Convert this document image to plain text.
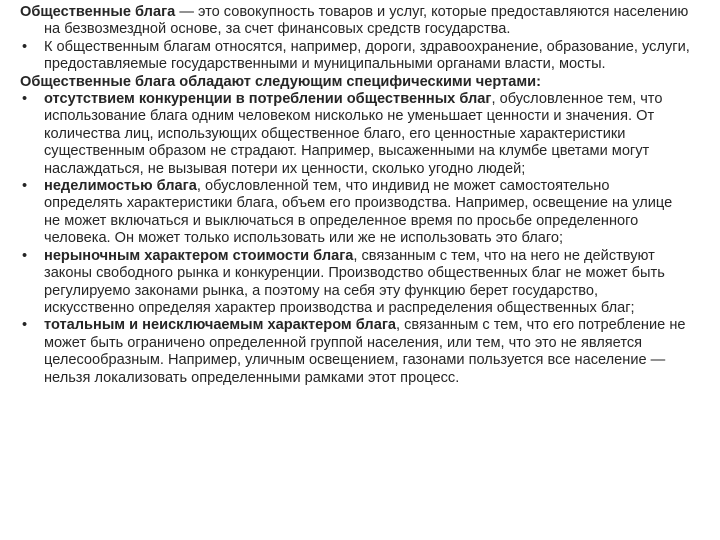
Общественные блага — это совокупность товаров и услуг, которые предоставляются населению на безвозмездной основе, за счет финансовых средств государства.

• К общественным благам относятся, например, дороги, здравоохранение, образование, услуги, предоставляемые государственными и муниципальными органами власти, мосты.

Общественные блага обладают следующим специфическими чертами:

• отсутствием конкуренции в потреблении общественных благ, обусловленное тем, что использование блага одним человеком нисколько не уменьшает ценности и значения. От количества лиц, использующих общественное благо, его ценностные характеристики существенным образом не страдают. Например, высаженными на клумбе цветами могут наслаждаться, не вызывая потери их ценности, сколько угодно людей;
• неделимостью блага, обусловленной тем, что индивид не может самостоятельно определять характеристики блага, объем его производства. Например, освещение на улице не может включаться и выключаться в определенное время по просьбе определенного человека. Он может только использовать или же не использовать это благо;
• нерыночным характером стоимости блага, связанным с тем, что на него не действуют законы свободного рынка и конкуренции. Производство общественных благ не может быть регулируемо законами рынка, а поэтому на себя эту функцию берет государство, искусственно определяя характер производства и распределения общественных благ;
• тотальным и неисключаемым характером блага, связанным с тем, что его потребление не может быть ограничено определенной группой населения, или тем, что это не является целесообразным. Например, уличным освещением, газонами пользуется все население — нельзя локализовать определенными рамками этот процесс.
